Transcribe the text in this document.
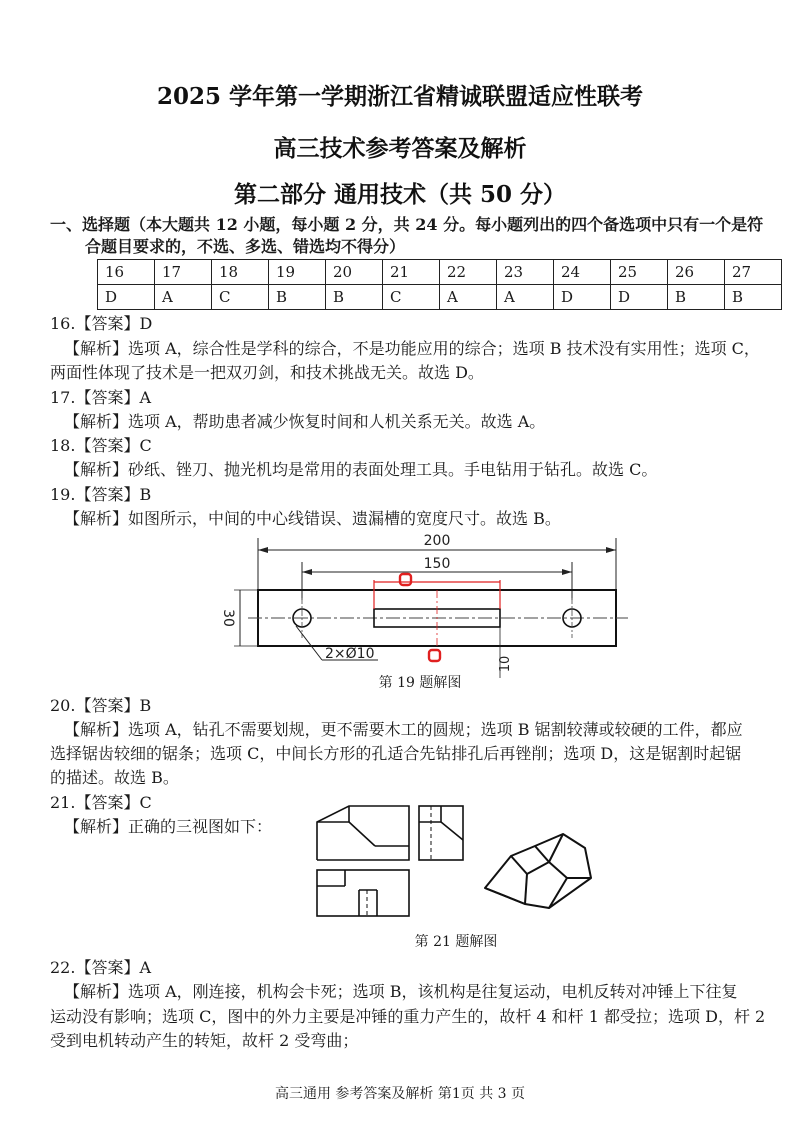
2025 学年第一学期浙江省精诚联盟适应性联考
高三技术参考答案及解析
第二部分 通用技术（共 50 分）
一、选择题（本大题共 12 小题，每小题 2 分，共 24 分。每小题列出的四个备选项中只有一个是符
合题目要求的，不选、多选、错选均不得分）
16	17	18	19	20	21	22	23	24	25	26	27
D	A	C	B	B	C	A	A	D	D	B	B
16.【答案】D
【解析】选项 A，综合性是学科的综合，不是功能应用的综合；选项 B 技术没有实用性；选项 C，
两面性体现了技术是一把双刃剑，和技术挑战无关。故选 D。
17.【答案】A
【解析】选项 A，帮助患者减少恢复时间和人机关系无关。故选 A。
18.【答案】C
【解析】砂纸、锉刀、抛光机均是常用的表面处理工具。手电钻用于钻孔。故选 C。
19.【答案】B
【解析】如图所示，中间的中心线错误、遗漏槽的宽度尺寸。故选 B。
200
150
30
10
2×Ø10
第 19 题解图
20.【答案】B
【解析】选项 A，钻孔不需要划规，更不需要木工的圆规；选项 B 锯割较薄或较硬的工件，都应
选择锯齿较细的锯条；选项 C，中间长方形的孔适合先钻排孔后再锉削；选项 D，这是锯割时起锯
的描述。故选 B。
21.【答案】C
【解析】正确的三视图如下：
第 21 题解图
22.【答案】A
【解析】选项 A，刚连接，机构会卡死；选项 B，该机构是往复运动，电机反转对冲锤上下往复
运动没有影响；选项 C，图中的外力主要是冲锤的重力产生的，故杆 4 和杆 1 都受拉；选项 D，杆 2
受到电机转动产生的转矩，故杆 2 受弯曲；
高三通用 参考答案及解析 第1页 共 3 页
